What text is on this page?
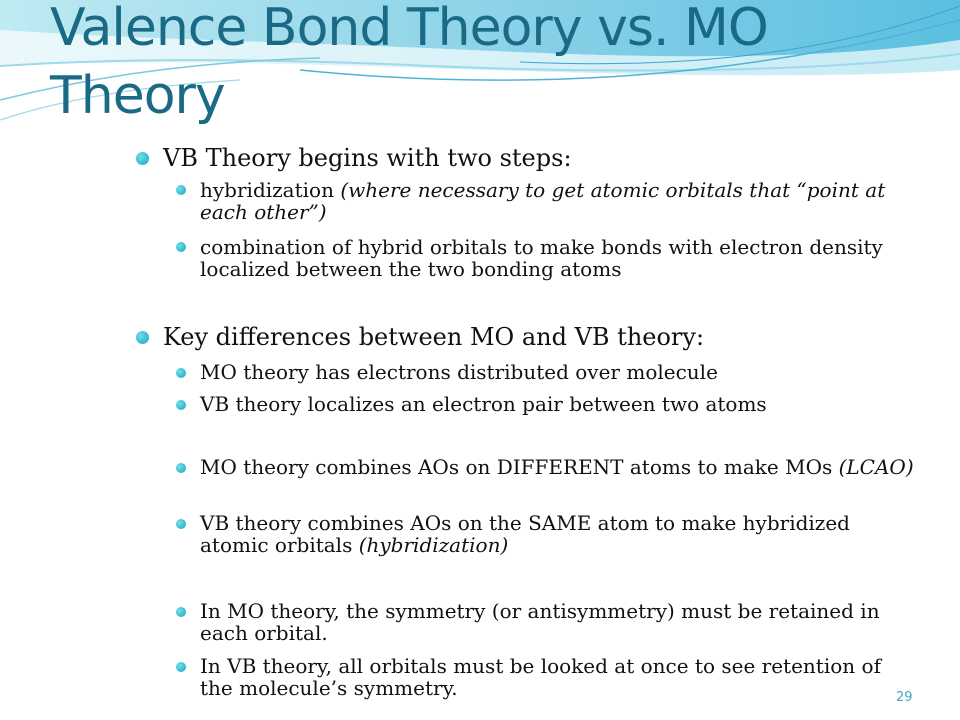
Valence Bond Theory vs. MO Theory
VB Theory begins with two steps:
hybridization (where necessary to get atomic orbitals that “point at each other”)
combination of hybrid orbitals to make bonds with electron density localized between the two bonding atoms
Key differences between MO and VB theory:
MO theory has electrons distributed over molecule
VB theory localizes an electron pair between two atoms
MO theory combines AOs on DIFFERENT atoms to make MOs (LCAO)
VB theory combines AOs on the SAME atom to make hybridized atomic orbitals (hybridization)
In MO theory, the symmetry (or antisymmetry) must be retained in each orbital.
In VB theory, all orbitals must be looked at once to see retention of the molecule’s symmetry.	29
